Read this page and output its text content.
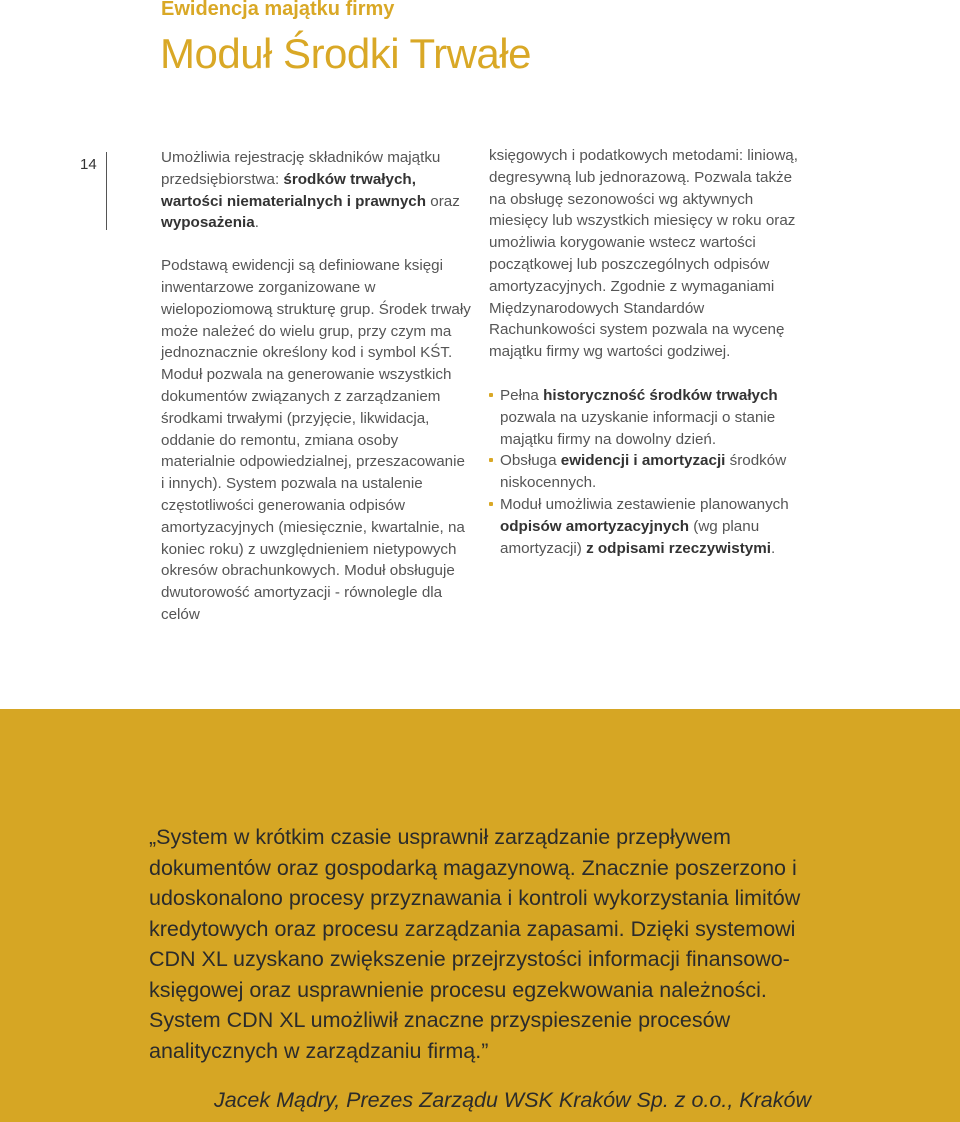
Ewidencja majątku firmy
Moduł Środki Trwałe
14	Umożliwia rejestrację składników majątku przedsiębiorstwa: środków trwałych, wartości niematerialnych i prawnych oraz wyposażenia.

Podstawą ewidencji są definiowane księgi inwentarzowe zorganizowane w wielopoziomową strukturę grup. Środek trwały może należeć do wielu grup, przy czym ma jednoznacznie określony kod i symbol KŚT. Moduł pozwala na generowanie wszystkich dokumentów związanych z zarządzaniem środkami trwałymi (przyjęcie, likwidacja, oddanie do remontu, zmiana osoby materialnie odpowiedzialnej, przeszacowanie i innych). System pozwala na ustalenie częstotliwości generowania odpisów amortyzacyjnych (miesięcznie, kwartalnie, na koniec roku) z uwzględnieniem nietypowych okresów obrachunkowych. Moduł obsługuje dwutorowość amortyzacji - równolegle dla celów

księgowych i podatkowych metodami: liniową, degresywną lub jednorazową. Pozwala także na obsługę sezonowości wg aktywnych miesięcy lub wszystkich miesięcy w roku oraz umożliwia korygowanie wstecz wartości początkowej lub poszczególnych odpisów amortyzacyjnych. Zgodnie z wymaganiami Międzynarodowych Standardów Rachunkowości system pozwala na wycenę majątku firmy wg wartości godziwej.

Pełna historyczność środków trwałych pozwala na uzyskanie informacji o stanie majątku firmy na dowolny dzień.
Obsługa ewidencji i amortyzacji środków niskocennych.
Moduł umożliwia zestawienie planowanych odpisów amortyzacyjnych (wg planu amortyzacji) z odpisami rzeczywistymi.
„System w krótkim czasie usprawnił zarządzanie przepływem dokumentów oraz gospodarką magazynową. Znacznie poszerzono i udoskonalono procesy przyznawania i kontroli wykorzystania limitów kredytowych oraz procesu zarządzania zapasami. Dzięki systemowi CDN XL uzyskano zwiększenie przejrzystości informacji finansowo-księgowej oraz usprawnienie procesu egzekwowania należności. System CDN XL umożliwił znaczne przyspieszenie procesów analitycznych w zarządzaniu firmą.”
Jacek Mądry, Prezes Zarządu WSK Kraków Sp. z o.o., Kraków
